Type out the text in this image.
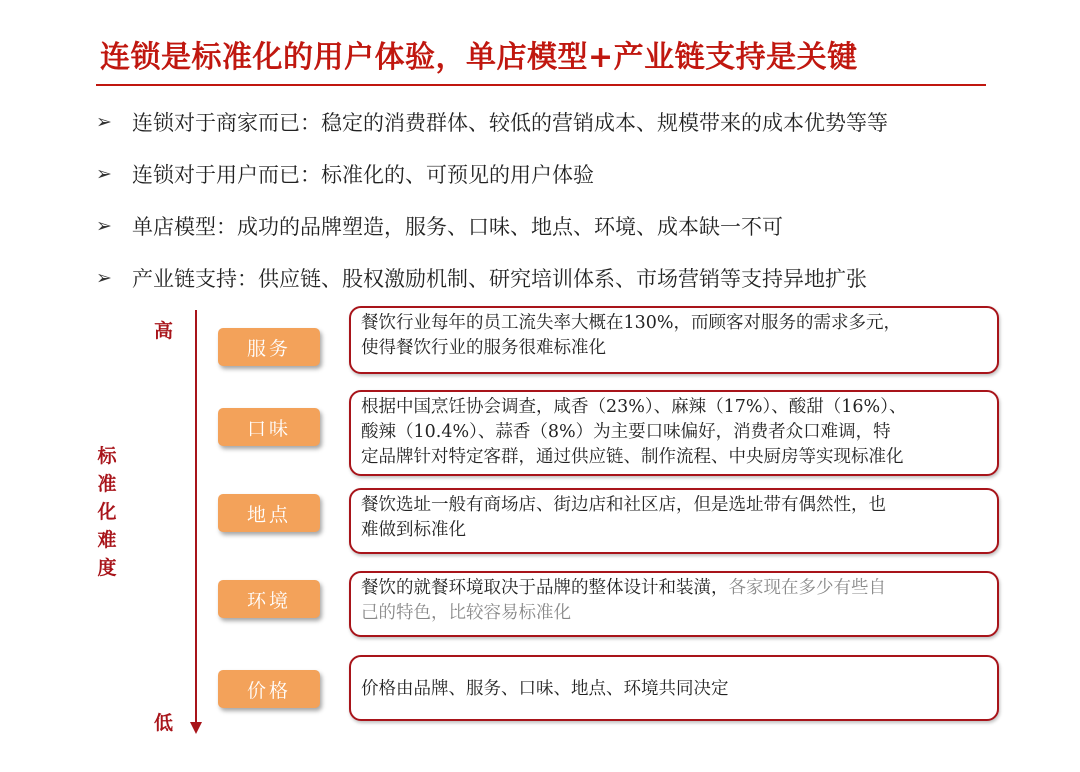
连锁是标准化的用户体验，单店模型+产业链支持是关键
➢ 连锁对于商家而已：稳定的消费群体、较低的营销成本、规模带来的成本优势等等
➢ 连锁对于用户而已：标准化的、可预见的用户体验
➢ 单店模型：成功的品牌塑造，服务、口味、地点、环境、成本缺一不可
➢ 产业链支持：供应链、股权激励机制、研究培训体系、市场营销等支持异地扩张
高
低
标准化难度
服务
餐饮行业每年的员工流失率大概在130%，而顾客对服务的需求多元，
使得餐饮行业的服务很难标准化
口味
根据中国烹饪协会调查，咸香（23%）、麻辣（17%）、酸甜（16%）、
酸辣（10.4%）、蒜香（8%）为主要口味偏好，消费者众口难调，特
定品牌针对特定客群，通过供应链、制作流程、中央厨房等实现标准化
地点	餐饮选址一般有商场店、街边店和社区店，但是选址带有偶然性，也
难做到标准化
环境
餐饮的就餐环境取决于品牌的整体设计和装潢，各家现在多少有些自
己的特色，比较容易标准化
价格	价格由品牌、服务、口味、地点、环境共同决定
